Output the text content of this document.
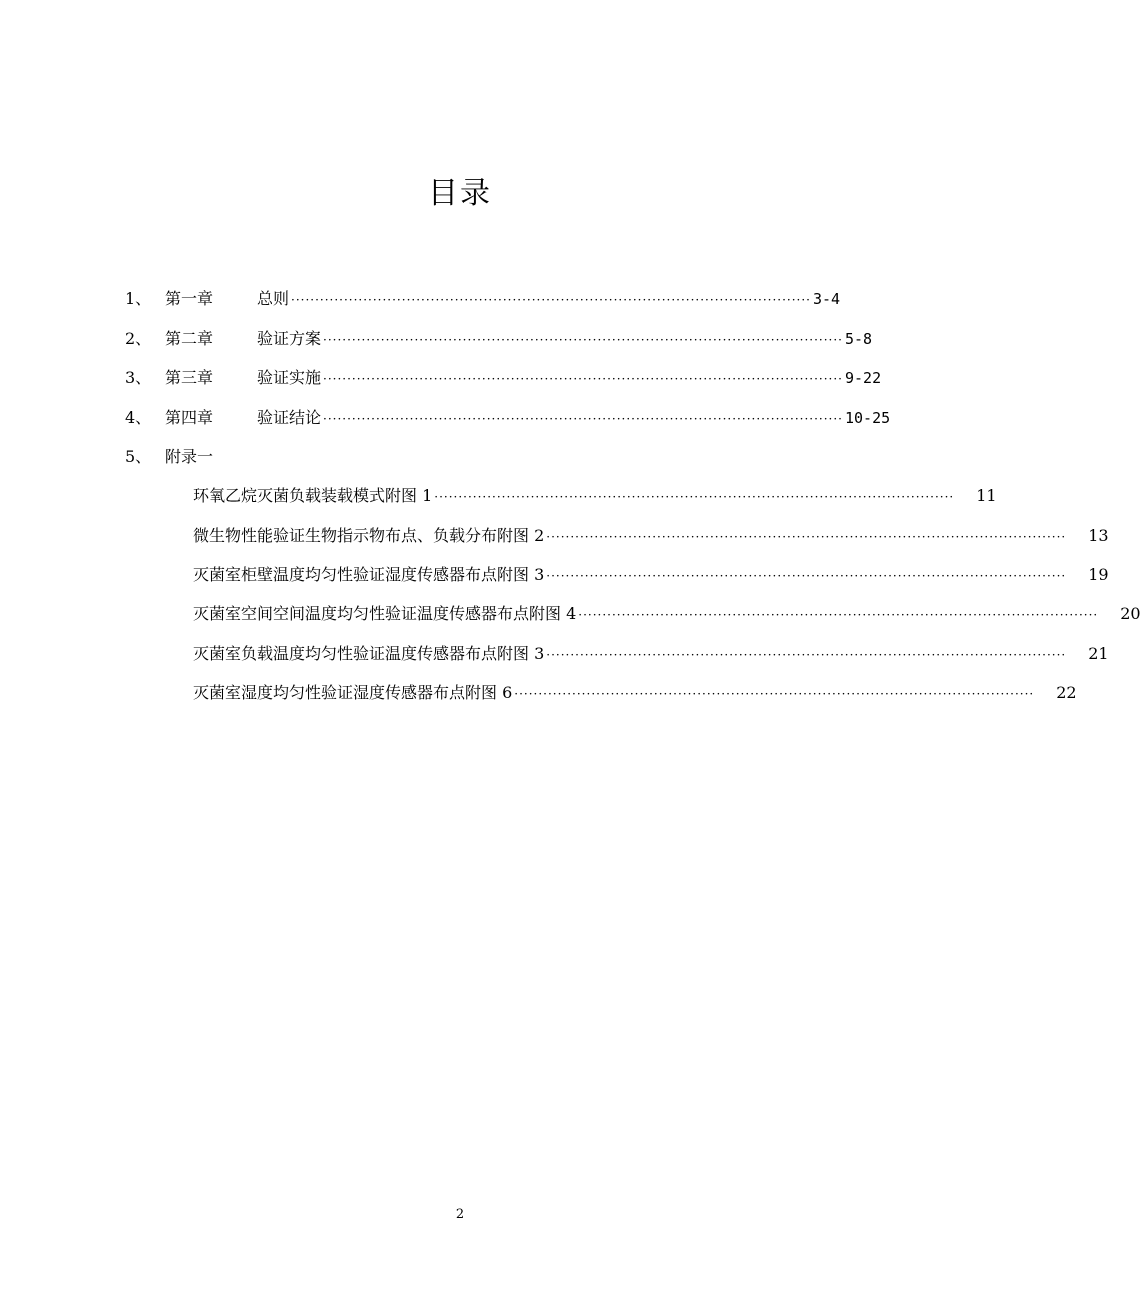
目录
1、 第一章	总则 ············································································································ 3-4
2、 第二章	验证方案 ············································································································ 5-8
3、 第三章	验证实施 ············································································································ 9-22
4、 第四章	验证结论 ············································································································ 10-25
5、 附录一
环氧乙烷灭菌负载装载模式附图 1 ············································································································ 11
微生物性能验证生物指示物布点、负载分布附图 2 ············································································································ 13
灭菌室柜壁温度均匀性验证湿度传感器布点附图 3 ············································································································ 19
灭菌室空间空间温度均匀性验证温度传感器布点附图 4 ············································································································ 20
灭菌室负载温度均匀性验证温度传感器布点附图 3 ············································································································ 21
灭菌室湿度均匀性验证湿度传感器布点附图 6 ············································································································ 22
2
